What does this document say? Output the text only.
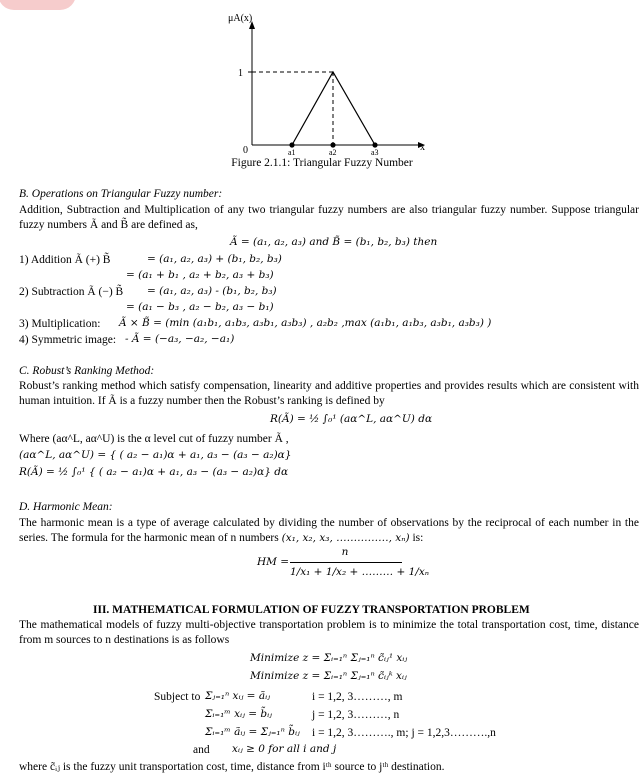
μA(x)
1
0	x
a1	a2	a3
Figure 2.1.1: Triangular Fuzzy Number
B. Operations on Triangular Fuzzy number:
Addition, Subtraction and Multiplication of any two triangular fuzzy numbers are also triangular fuzzy number. Suppose triangular fuzzy numbers Ã and B̃ are defined as,
Ã = (a₁, a₂, a₃) and B̃ = (b₁, b₂, b₃) then
1) Addition Ã (+) B̃	= (a₁, a₂, a₃) + (b₁, b₂, b₃)
= (a₁ + b₁ , a₂ + b₂, a₃ + b₃)
2) Subtraction Ã (−) B̃ = (a₁, a₂, a₃) - (b₁, b₂, b₃)
= (a₁ − b₃ , a₂ − b₂, a₃ − b₁)
3) Multiplication: Ã × B̃ = (min (a₁b₁, a₁b₃, a₃b₁, a₃b₃) , a₂b₂ ,max (a₁b₁, a₁b₃, a₃b₁, a₃b₃) )
4) Symmetric image: - Ã = (−a₃, −a₂, −a₁)
C. Robust’s Ranking Method:
Robust’s ranking method which satisfy compensation, linearity and additive properties and provides results which are consistent with human intuition. If Ã is a fuzzy number then the Robust’s ranking is defined by
R(Ã) = ½ ∫₀¹ (aα^L, aα^U) dα
Where (aα^L, aα^U) is the α level cut of fuzzy number Ã ,
(aα^L, aα^U) = { ( a₂ − a₁)α + a₁, a₃ − (a₃ − a₂)α}
R(Ã) = ½ ∫₀¹ { ( a₂ − a₁)α + a₁, a₃ − (a₃ − a₂)α} dα
D. Harmonic Mean:
The harmonic mean is a type of average calculated by dividing the number of observations by the reciprocal of each number in the series. The formula for the harmonic mean of n numbers (x₁, x₂, x₃, ……………, xₙ) is:
HM =
n
1/x₁ + 1/x₂ + ……… + 1/xₙ
III. MATHEMATICAL FORMULATION OF FUZZY TRANSPORTATION PROBLEM
The mathematical models of fuzzy multi-objective transportation problem is to minimize the total transportation cost, time, distance from m sources to n destinations is as follows
Minimize z = Σᵢ₌₁ⁿ Σⱼ₌₁ⁿ c̃ᵢⱼ¹ xᵢⱼ
Minimize z = Σᵢ₌₁ⁿ Σⱼ₌₁ⁿ c̃ᵢⱼᵏ xᵢⱼ
Subject to Σⱼ₌₁ⁿ xᵢⱼ = ãᵢⱼ	i = 1,2, 3………, m
Σᵢ₌₁ᵐ xᵢⱼ = b̃ᵢⱼ	j = 1,2, 3………, n
Σᵢ₌₁ᵐ ãᵢⱼ = Σⱼ₌₁ⁿ b̃ᵢⱼ i = 1,2, 3………., m; j = 1,2,3……….,n
and xᵢⱼ ≥ 0 for all i and j
where c̃ᵢⱼ is the fuzzy unit transportation cost, time, distance from iᵗʰ source to jᵗʰ destination.
